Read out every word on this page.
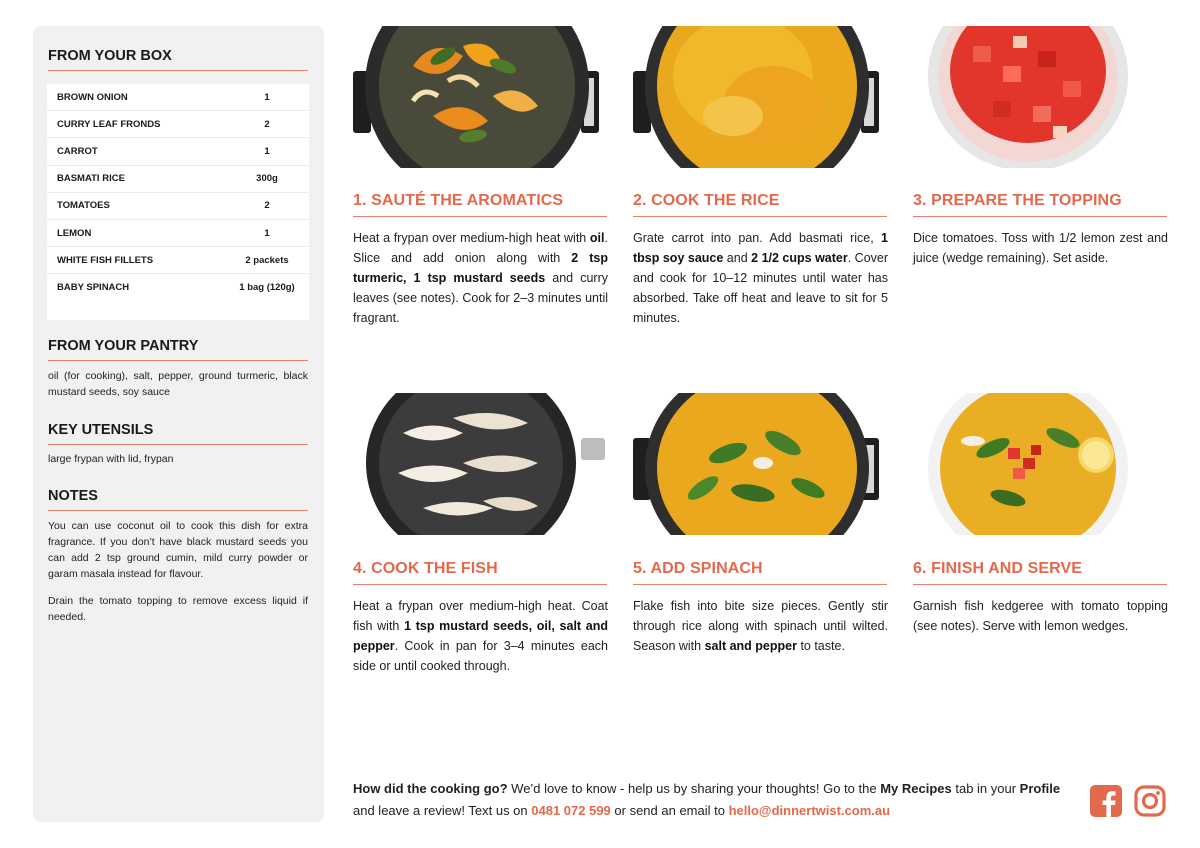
FROM YOUR BOX
BROWN ONION	1
CURRY LEAF FRONDS	2
CARROT	1
BASMATI RICE	300g
TOMATOES	2
LEMON	1
WHITE FISH FILLETS	2 packets
BABY SPINACH	1 bag (120g)
FROM YOUR PANTRY
oil (for cooking), salt, pepper, ground turmeric, black mustard seeds, soy sauce
KEY UTENSILS
large frypan with lid, frypan
NOTES
You can use coconut oil to cook this dish for extra fragrance. If you don’t have black mustard seeds you can add 2 tsp ground cumin, mild curry powder or garam masala instead for flavour.
Drain the tomato topping to remove excess liquid if needed.
1. SAUTÉ THE AROMATICS	2. COOK THE RICE	3. PREPARE THE TOPPING
4. COOK THE FISH	5. ADD SPINACH	6. FINISH AND SERVE
Heat a frypan over medium-high heat with oil. Slice and add onion along with 2 tsp turmeric, 1 tsp mustard seeds and curry leaves (see notes). Cook for 2–3 minutes until fragrant.
Grate carrot into pan. Add basmati rice, 1 tbsp soy sauce and 2 1/2 cups water. Cover and cook for 10–12 minutes until water has absorbed. Take off heat and leave to sit for 5 minutes.
Dice tomatoes. Toss with 1/2 lemon zest and juice (wedge remaining). Set aside.
Heat a frypan over medium-high heat. Coat fish with 1 tsp mustard seeds, oil, salt and pepper. Cook in pan for 3–4 minutes each side or until cooked through.
Flake fish into bite size pieces. Gently stir through rice along with spinach until wilted. Season with salt and pepper to taste.
Garnish fish kedgeree with tomato topping (see notes). Serve with lemon wedges.
How did the cooking go? We’d love to know - help us by sharing your thoughts! Go to the My Recipes tab in your Profile and leave a review! Text us on 0481 072 599 or send an email to hello@dinnertwist.com.au
